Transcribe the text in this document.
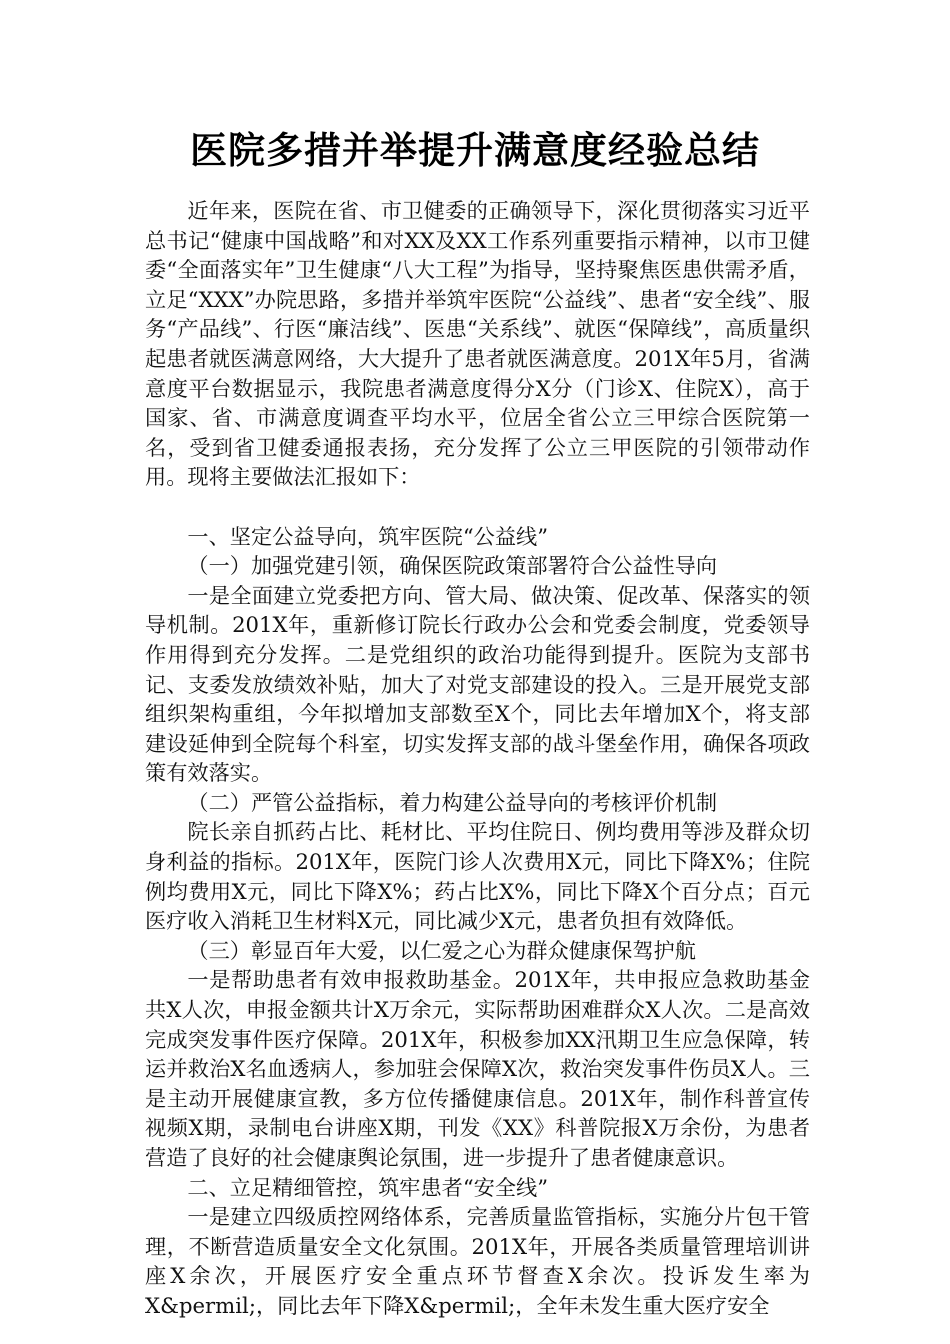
医院多措并举提升满意度经验总结

近年来，医院在省、市卫健委的正确领导下，深化贯彻落实习近平总书记“健康中国战略”和对XX及XX工作系列重要指示精神，以市卫健委“全面落实年”卫生健康“八大工程”为指导，坚持聚焦医患供需矛盾，立足“XXX”办院思路，多措并举筑牢医院“公益线”、患者“安全线”、服务“产品线”、行医“廉洁线”、医患“关系线”、就医“保障线”，高质量织起患者就医满意网络，大大提升了患者就医满意度。201X年5月，省满意度平台数据显示，我院患者满意度得分X分（门诊X、住院X），高于国家、省、市满意度调查平均水平，位居全省公立三甲综合医院第一名，受到省卫健委通报表扬，充分发挥了公立三甲医院的引领带动作用。现将主要做法汇报如下：

一、坚定公益导向，筑牢医院“公益线”

（一）加强党建引领，确保医院政策部署符合公益性导向

一是全面建立党委把方向、管大局、做决策、促改革、保落实的领导机制。201X年，重新修订院长行政办公会和党委会制度，党委领导作用得到充分发挥。二是党组织的政治功能得到提升。医院为支部书记、支委发放绩效补贴，加大了对党支部建设的投入。三是开展党支部组织架构重组，今年拟增加支部数至X个，同比去年增加X个，将支部建设延伸到全院每个科室，切实发挥支部的战斗堡垒作用，确保各项政策有效落实。

（二）严管公益指标，着力构建公益导向的考核评价机制

院长亲自抓药占比、耗材比、平均住院日、例均费用等涉及群众切身利益的指标。201X年，医院门诊人次费用X元，同比下降X%；住院例均费用X元，同比下降X%；药占比X%，同比下降X个百分点；百元医疗收入消耗卫生材料X元，同比减少X元，患者负担有效降低。

（三）彰显百年大爱，以仁爱之心为群众健康保驾护航

一是帮助患者有效申报救助基金。201X年，共申报应急救助基金共X人次，申报金额共计X万余元，实际帮助困难群众X人次。二是高效完成突发事件医疗保障。201X年，积极参加XX汛期卫生应急保障，转运并救治X名血透病人，参加驻会保障X次，救治突发事件伤员X人。三是主动开展健康宣教，多方位传播健康信息。201X年，制作科普宣传视频X期，录制电台讲座X期，刊发《XX》科普院报X万余份，为患者营造了良好的社会健康舆论氛围，进一步提升了患者健康意识。

二、立足精细管控，筑牢患者“安全线”

一是建立四级质控网络体系，完善质量监管指标，实施分片包干管理，不断营造质量安全文化氛围。201X年，开展各类质量管理培训讲座X余次，开展医疗安全重点环节督查X余次。投诉发生率为X&permil;，同比去年下降X&permil;，全年未发生重大医疗安全
